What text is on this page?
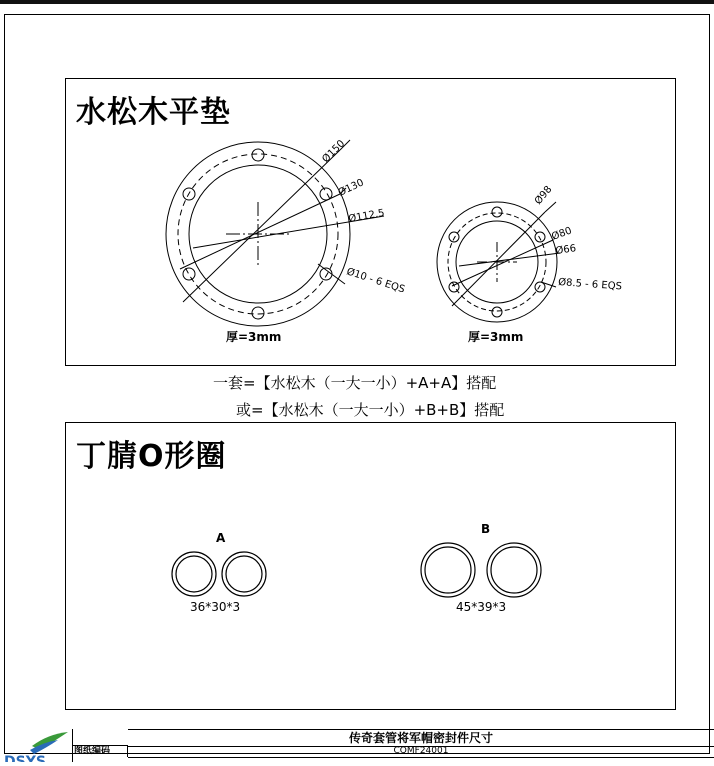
水松木平垫
Ø150
Ø130
Ø112.5
Ø10 - 6 EQS
厚=3mm
Ø98
Ø80
Ø66
Ø8.5 - 6 EQS
厚=3mm
A
36*30*3
B
45*39*3
一套=【水松木（一大一小）+A+A】搭配
或=【水松木（一大一小）+B+B】搭配
丁腈O形圈
DSYS
传奇套管将军帽密封件尺寸
图纸编码	CQMF24001
